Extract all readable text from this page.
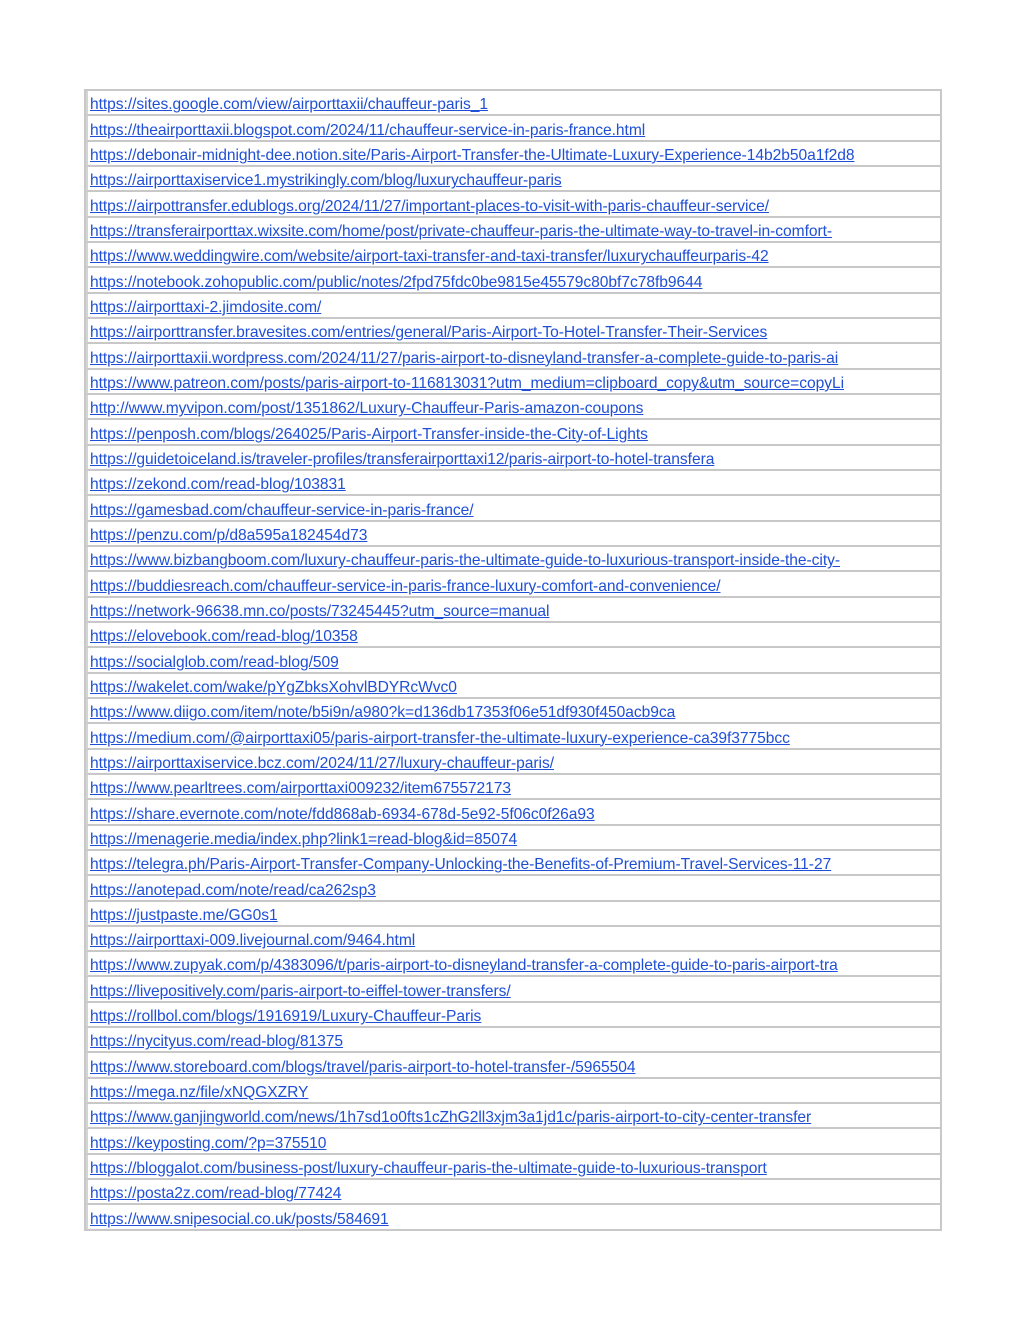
https://sites.google.com/view/airporttaxii/chauffeur-paris_1
https://theairporttaxii.blogspot.com/2024/11/chauffeur-service-in-paris-france.html
https://debonair-midnight-dee.notion.site/Paris-Airport-Transfer-the-Ultimate-Luxury-Experience-14b2b50a1f2d8
https://airporttaxiservice1.mystrikingly.com/blog/luxurychauffeur-paris
https://airpottransfer.edublogs.org/2024/11/27/important-places-to-visit-with-paris-chauffeur-service/
https://transferairporttax.wixsite.com/home/post/private-chauffeur-paris-the-ultimate-way-to-travel-in-comfort-
https://www.weddingwire.com/website/airport-taxi-transfer-and-taxi-transfer/luxurychauffeurparis-42
https://notebook.zohopublic.com/public/notes/2fpd75fdc0be9815e45579c80bf7c78fb9644
https://airporttaxi-2.jimdosite.com/
https://airporttransfer.bravesites.com/entries/general/Paris-Airport-To-Hotel-Transfer-Their-Services
https://airporttaxii.wordpress.com/2024/11/27/paris-airport-to-disneyland-transfer-a-complete-guide-to-paris-ai
https://www.patreon.com/posts/paris-airport-to-116813031?utm_medium=clipboard_copy&utm_source=copyLi
http://www.myvipon.com/post/1351862/Luxury-Chauffeur-Paris-amazon-coupons
https://penposh.com/blogs/264025/Paris-Airport-Transfer-inside-the-City-of-Lights
https://guidetoiceland.is/traveler-profiles/transferairporttaxi12/paris-airport-to-hotel-transfera
https://zekond.com/read-blog/103831
https://gamesbad.com/chauffeur-service-in-paris-france/
https://penzu.com/p/d8a595a182454d73
https://www.bizbangboom.com/luxury-chauffeur-paris-the-ultimate-guide-to-luxurious-transport-inside-the-city-
https://buddiesreach.com/chauffeur-service-in-paris-france-luxury-comfort-and-convenience/
https://network-96638.mn.co/posts/73245445?utm_source=manual
https://elovebook.com/read-blog/10358
https://socialglob.com/read-blog/509
https://wakelet.com/wake/pYgZbksXohvlBDYRcWvc0
https://www.diigo.com/item/note/b5i9n/a980?k=d136db17353f06e51df930f450acb9ca
https://medium.com/@airporttaxi05/paris-airport-transfer-the-ultimate-luxury-experience-ca39f3775bcc
https://airporttaxiservice.bcz.com/2024/11/27/luxury-chauffeur-paris/
https://www.pearltrees.com/airporttaxi009232/item675572173
https://share.evernote.com/note/fdd868ab-6934-678d-5e92-5f06c0f26a93
https://menagerie.media/index.php?link1=read-blog&id=85074
https://telegra.ph/Paris-Airport-Transfer-Company-Unlocking-the-Benefits-of-Premium-Travel-Services-11-27
https://anotepad.com/note/read/ca262sp3
https://justpaste.me/GG0s1
https://airporttaxi-009.livejournal.com/9464.html
https://www.zupyak.com/p/4383096/t/paris-airport-to-disneyland-transfer-a-complete-guide-to-paris-airport-tra
https://livepositively.com/paris-airport-to-eiffel-tower-transfers/
https://rollbol.com/blogs/1916919/Luxury-Chauffeur-Paris
https://nycityus.com/read-blog/81375
https://www.storeboard.com/blogs/travel/paris-airport-to-hotel-transfer-/5965504
https://mega.nz/file/xNQGXZRY
https://www.ganjingworld.com/news/1h7sd1o0fts1cZhG2ll3xjm3a1jd1c/paris-airport-to-city-center-transfer
https://keyposting.com/?p=375510
https://bloggalot.com/business-post/luxury-chauffeur-paris-the-ultimate-guide-to-luxurious-transport
https://posta2z.com/read-blog/77424
https://www.snipesocial.co.uk/posts/584691
